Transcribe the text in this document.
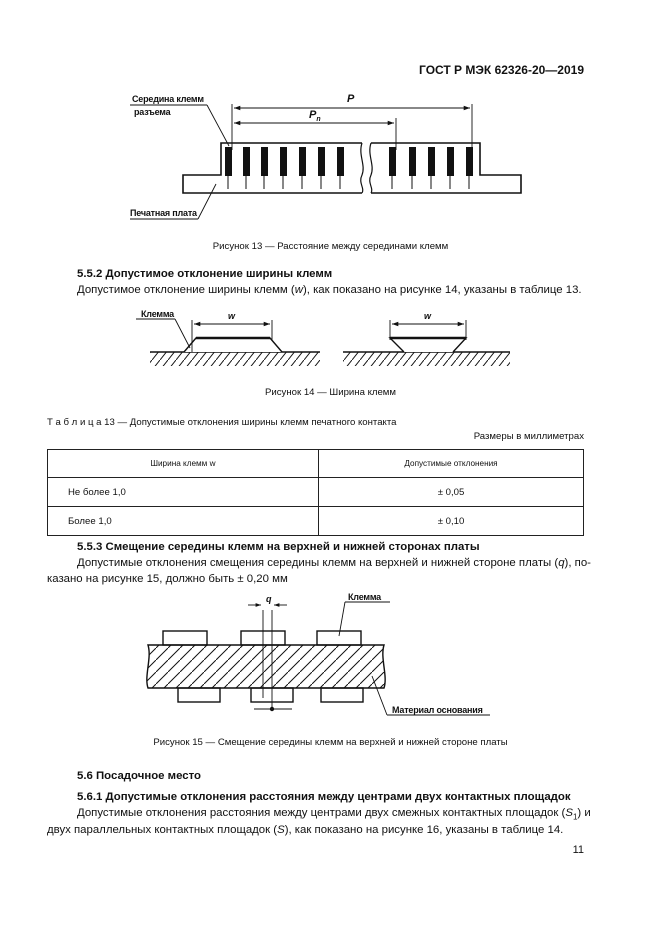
ГОСТ Р МЭК 62326-20—2019
Середина клемм
разъема
Печатная плата
P
$P_n$
Рисунок 13 — Расстояние между серединами клемм
5.5.2 Допустимое отклонение ширины клемм
Допустимое отклонение ширины клемм (w), как показано на рисунке 14, указаны в таблице 13.
Клемма	w	w
Рисунок 14 — Ширина клемм
Т а б л и ц а 13 — Допустимые отклонения ширины клемм печатного контакта
Размеры в миллиметрах
Ширина клемм w	Допустимые отклонения
Не более 1,0	± 0,05
Более 1,0	± 0,10
5.5.3 Смещение середины клемм на верхней и нижней сторонах платы
Допустимые отклонения смещения середины клемм на верхней и нижней стороне платы (q), по-
казано на рисунке 15, должно быть ± 0,20 мм
q	Клемма
Материал основания
Рисунок 15 — Смещение середины клемм на верхней и нижней стороне платы
5.6 Посадочное место
5.6.1 Допустимые отклонения расстояния между центрами двух контактных площадок
Допустимые отклонения расстояния между центрами двух смежных контактных площадок $(S_1)$ и
двух параллельных контактных площадок (S), как показано на рисунке 16, указаны в таблице 14.
11
